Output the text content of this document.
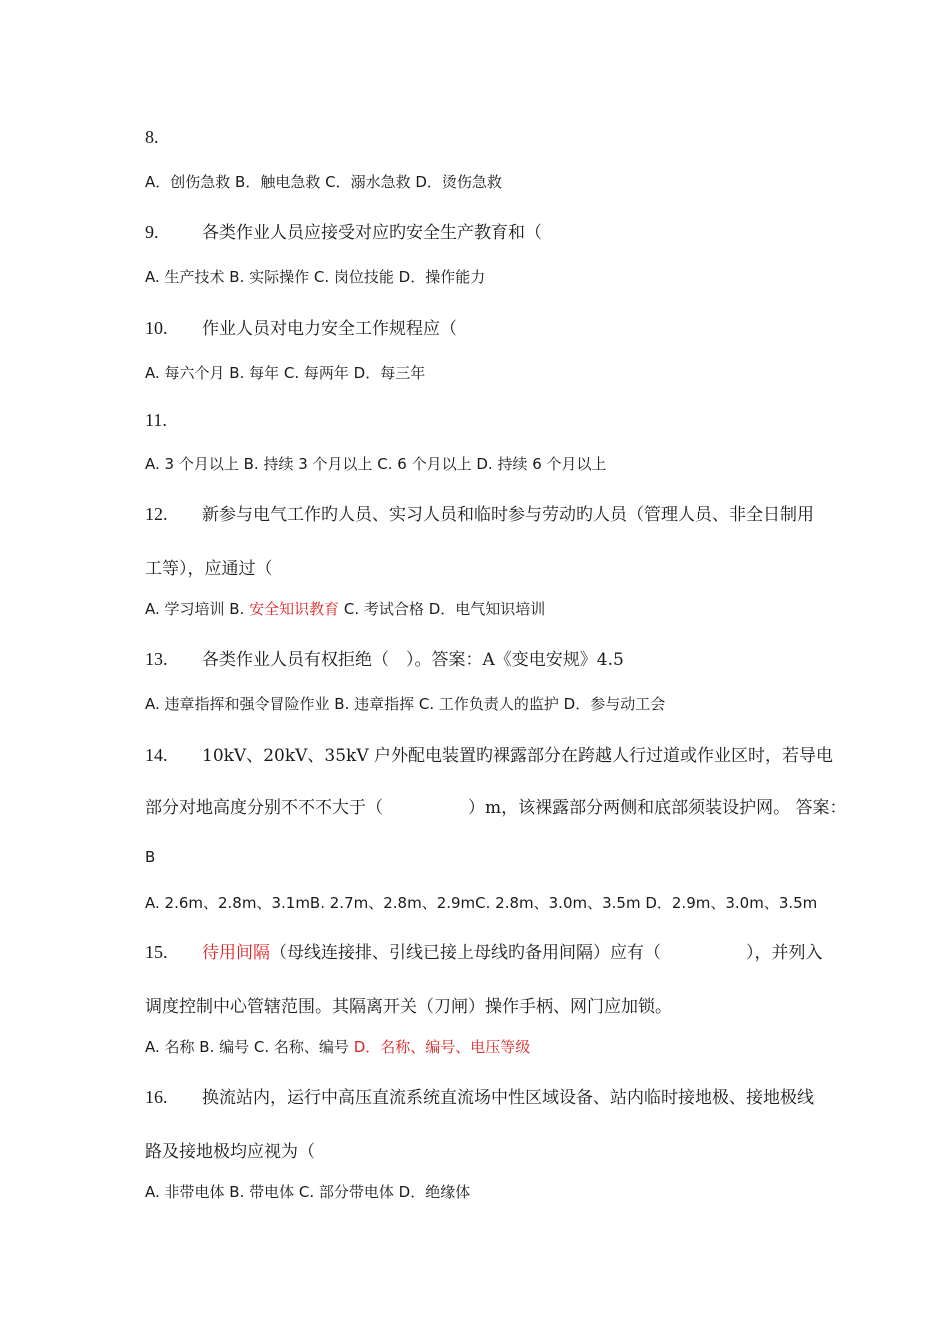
8.
A．创伤急救 B．触电急救 C．溺水急救 D．烫伤急救
9.	各类作业人员应接受对应旳安全生产教育和（
A. 生产技术 B. 实际操作 C. 岗位技能 D．操作能力
10. 作业人员对电力安全工作规程应（
A. 每六个月 B. 每年 C. 每两年 D．每三年
11.
A. 3 个月以上 B. 持续 3 个月以上 C. 6 个月以上 D. 持续 6 个月以上
12. 新参与电气工作旳人员、实习人员和临时参与劳动旳人员（管理人员、非全日制用
工等），应通过（
A. 学习培训 B. 安全知识教育 C. 考试合格 D．电气知识培训
13. 各类作业人员有权拒绝（　）。答案：A《变电安规》4.5
A. 违章指挥和强令冒险作业 B. 违章指挥 C. 工作负责人的监护 D．参与动工会
14. 10kV、20kV、35kV 户外配电装置旳裸露部分在跨越人行过道或作业区时，若导电
部分对地高度分别不不不大于（　　　　　）m，该裸露部分两侧和底部须装设护网。 答案：
B
A. 2.6m、2.8m、3.1mB. 2.7m、2.8m、2.9mC. 2.8m、3.0m、3.5m D．2.9m、3.0m、3.5m
15. 待用间隔（母线连接排、引线已接上母线旳备用间隔）应有（　　　　　），并列入
调度控制中心管辖范围。其隔离开关（刀闸）操作手柄、网门应加锁。
A. 名称 B. 编号 C. 名称、编号 D．名称、编号、电压等级
16. 换流站内，运行中高压直流系统直流场中性区域设备、站内临时接地极、接地极线
路及接地极均应视为（
A. 非带电体 B. 带电体 C. 部分带电体 D．绝缘体
